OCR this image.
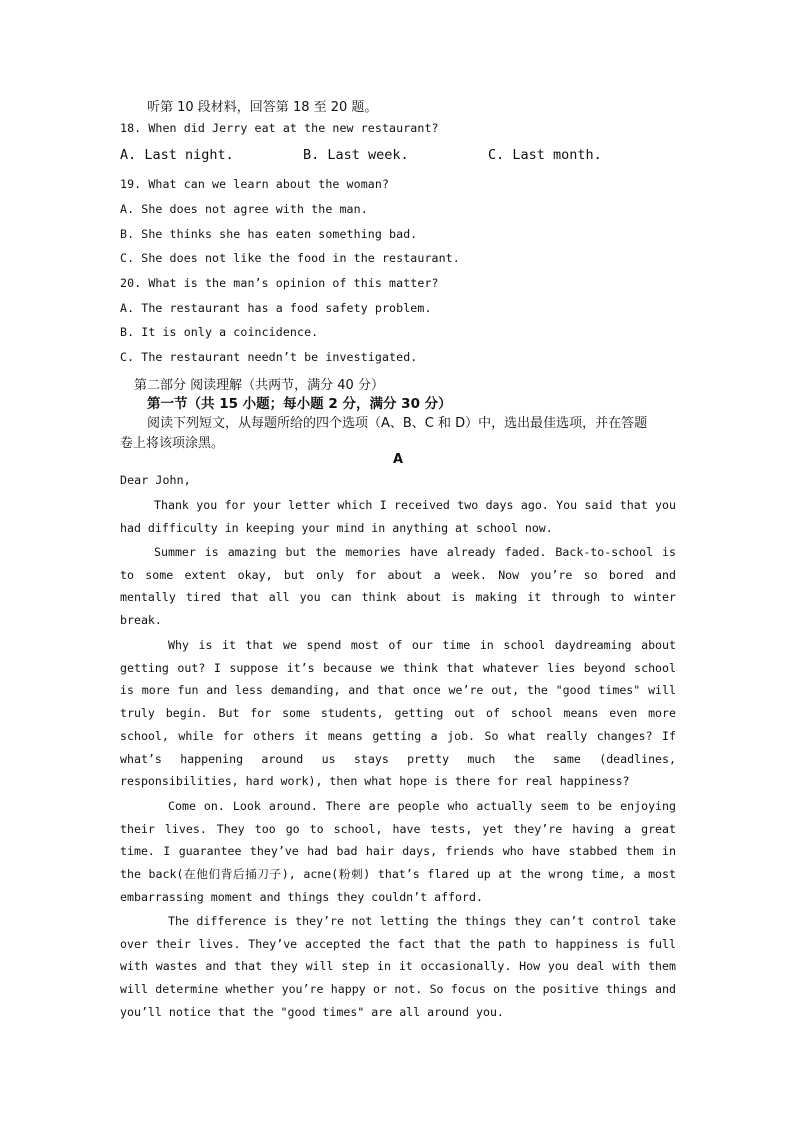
听第 10 段材料，回答第 18 至 20 题。
18. When did Jerry eat at the new restaurant?
A. Last night.	B. Last week.	C. Last month.
19. What can we learn about the woman?
A. She does not agree with the man.
B. She thinks she has eaten something bad.
C. She does not like the food in the restaurant.
20. What is the man’s opinion of this matter?
A. The restaurant has a food safety problem.
B. It is only a coincidence.
C. The restaurant needn’t be investigated.
第二部分 阅读理解（共两节，满分 40 分）
第一节（共 15 小题；每小题 2 分，满分 30 分）
阅读下列短文，从每题所给的四个选项（A、B、C 和 D）中，选出最佳选项，并在答题
卷上将该项涂黑。
A
Dear John,
Thank you for your letter which I received two days ago. You said that you had difficulty in keeping your mind in anything at school now.
Summer is amazing but the memories have already faded. Back-to-school is to some extent okay, but only for about a week. Now you’re so bored and mentally tired that all you can think about is making it through to winter break.
Why is it that we spend most of our time in school daydreaming about getting out? I suppose it’s because we think that whatever lies beyond school is more fun and less demanding, and that once we’re out, the "good times" will truly begin. But for some students, getting out of school means even more school, while for others it means getting a job. So what really changes? If what’s happening around us stays pretty much the same (deadlines, responsibilities, hard work), then what hope is there for real happiness?
Come on. Look around. There are people who actually seem to be enjoying their lives. They too go to school, have tests, yet they’re having a great time. I guarantee they’ve had bad hair days, friends who have stabbed them in the back(在他们背后捅刀子), acne(粉刺) that’s flared up at the wrong time, a most embarrassing moment and things they couldn’t afford.
The difference is they’re not letting the things they can’t control take over their lives. They’ve accepted the fact that the path to happiness is full with wastes and that they will step in it occasionally. How you deal with them will determine whether you’re happy or not. So focus on the positive things and you’ll notice that the "good times" are all around you.
